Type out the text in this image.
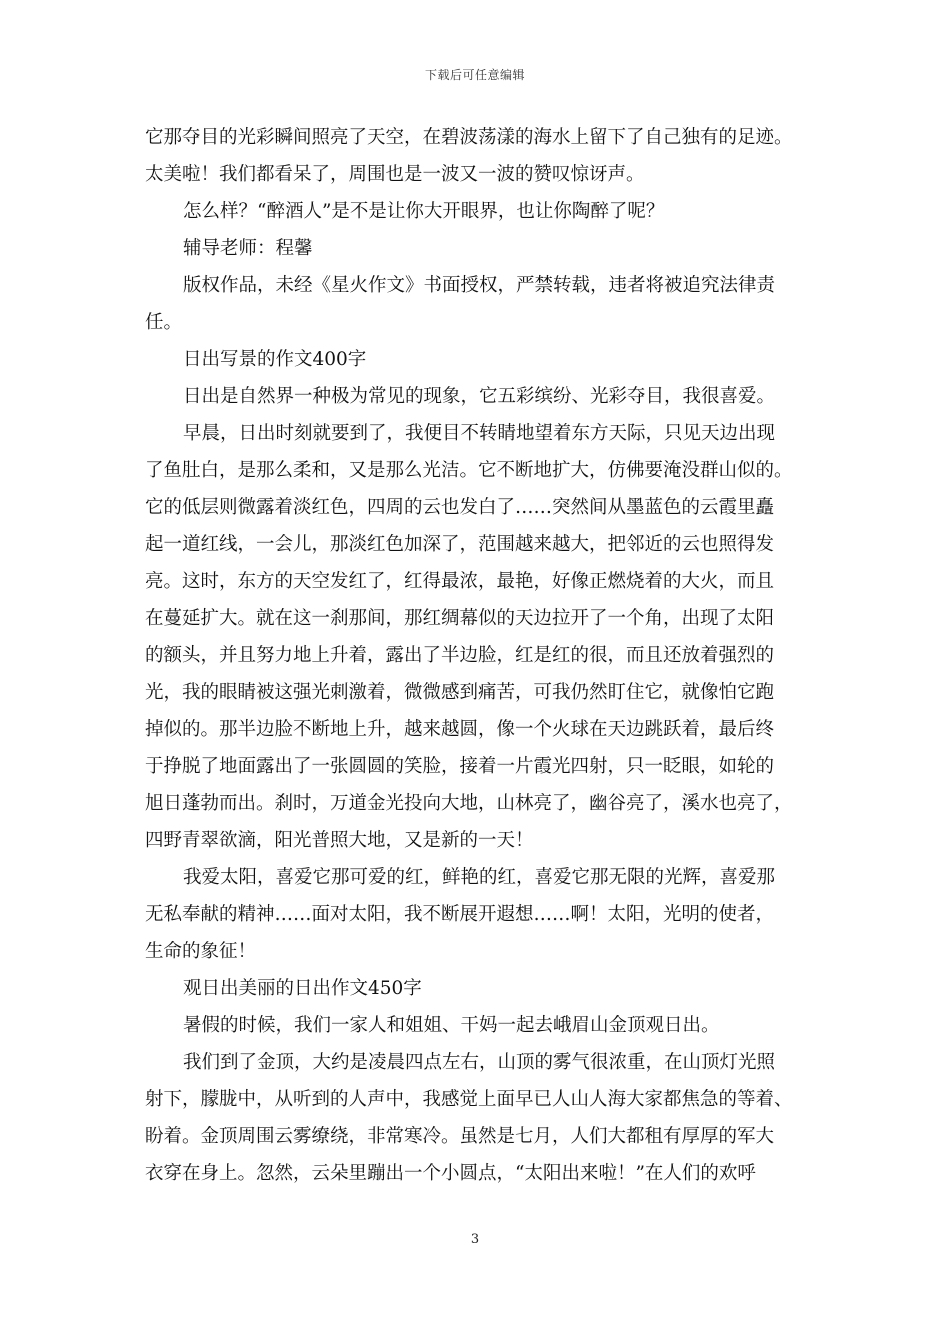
下载后可任意编辑
它那夺目的光彩瞬间照亮了天空，在碧波荡漾的海水上留下了自己独有的足迹。
太美啦！我们都看呆了，周围也是一波又一波的赞叹惊讶声。
怎么样？“醉酒人”是不是让你大开眼界，也让你陶醉了呢？
辅导老师：程馨
版权作品，未经《星火作文》书面授权，严禁转载，违者将被追究法律责
任。
日出写景的作文400字
日出是自然界一种极为常见的现象，它五彩缤纷、光彩夺目，我很喜爱。
早晨，日出时刻就要到了，我便目不转睛地望着东方天际，只见天边出现
了鱼肚白，是那么柔和，又是那么光洁。它不断地扩大，仿佛要淹没群山似的。
它的低层则微露着淡红色，四周的云也发白了……突然间从墨蓝色的云霞里矗
起一道红线，一会儿，那淡红色加深了，范围越来越大，把邻近的云也照得发
亮。这时，东方的天空发红了，红得最浓，最艳，好像正燃烧着的大火，而且
在蔓延扩大。就在这一刹那间，那红绸幕似的天边拉开了一个角，出现了太阳
的额头，并且努力地上升着，露出了半边脸，红是红的很，而且还放着强烈的
光，我的眼睛被这强光刺激着，微微感到痛苦，可我仍然盯住它，就像怕它跑
掉似的。那半边脸不断地上升，越来越圆，像一个火球在天边跳跃着，最后终
于挣脱了地面露出了一张圆圆的笑脸，接着一片霞光四射，只一眨眼，如轮的
旭日蓬勃而出。刹时，万道金光投向大地，山林亮了，幽谷亮了，溪水也亮了，
四野青翠欲滴，阳光普照大地，又是新的一天！
我爱太阳，喜爱它那可爱的红，鲜艳的红，喜爱它那无限的光辉，喜爱那
无私奉献的精神……面对太阳，我不断展开遐想……啊！太阳，光明的使者，
生命的象征！
观日出美丽的日出作文450字
暑假的时候，我们一家人和姐姐、干妈一起去峨眉山金顶观日出。
我们到了金顶，大约是凌晨四点左右，山顶的雾气很浓重，在山顶灯光照
射下，朦胧中，从听到的人声中，我感觉上面早已人山人海大家都焦急的等着、
盼着。金顶周围云雾缭绕，非常寒冷。虽然是七月，人们大都租有厚厚的军大
衣穿在身上。忽然，云朵里蹦出一个小圆点，“太阳出来啦！”在人们的欢呼
3
